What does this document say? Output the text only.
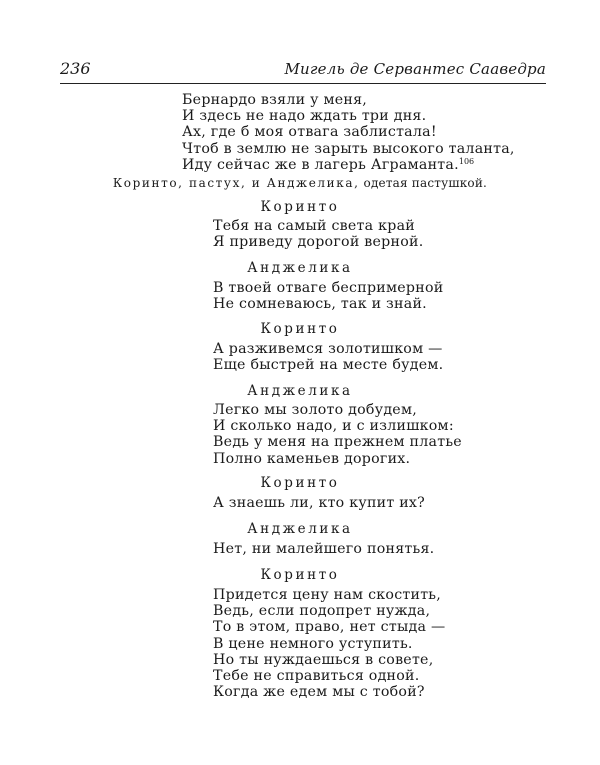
236	Мигель де Сервантес Сааведра
Бернардо взяли у меня,
И здесь не надо ждать три дня.
Ах, где б моя отвага заблистала!
Чтоб в землю не зарыть высокого таланта,
Иду сейчас же в лагерь Аграманта.$^{106}$
Коринто, пастух, и Анджелика, одетая пастушкой.
Коринто
Тебя на самый света край
Я приведу дорогой верной.
Анджелика
В твоей отваге беспримерной
Не сомневаюсь, так и знай.
Коринто
А разживемся золотишком —
Еще быстрей на месте будем.
Анджелика
Легко мы золото добудем,
И сколько надо, и с излишком:
Ведь у меня на прежнем платье
Полно каменьев дорогих.
Коринто
А знаешь ли, кто купит их?
Анджелика
Нет, ни малейшего понятья.
Коринто
Придется цену нам скостить,
Ведь, если подопрет нужда,
То в этом, право, нет стыда —
В цене немного уступить.
Но ты нуждаешься в совете,
Тебе не справиться одной.
Когда же едем мы с тобой?
